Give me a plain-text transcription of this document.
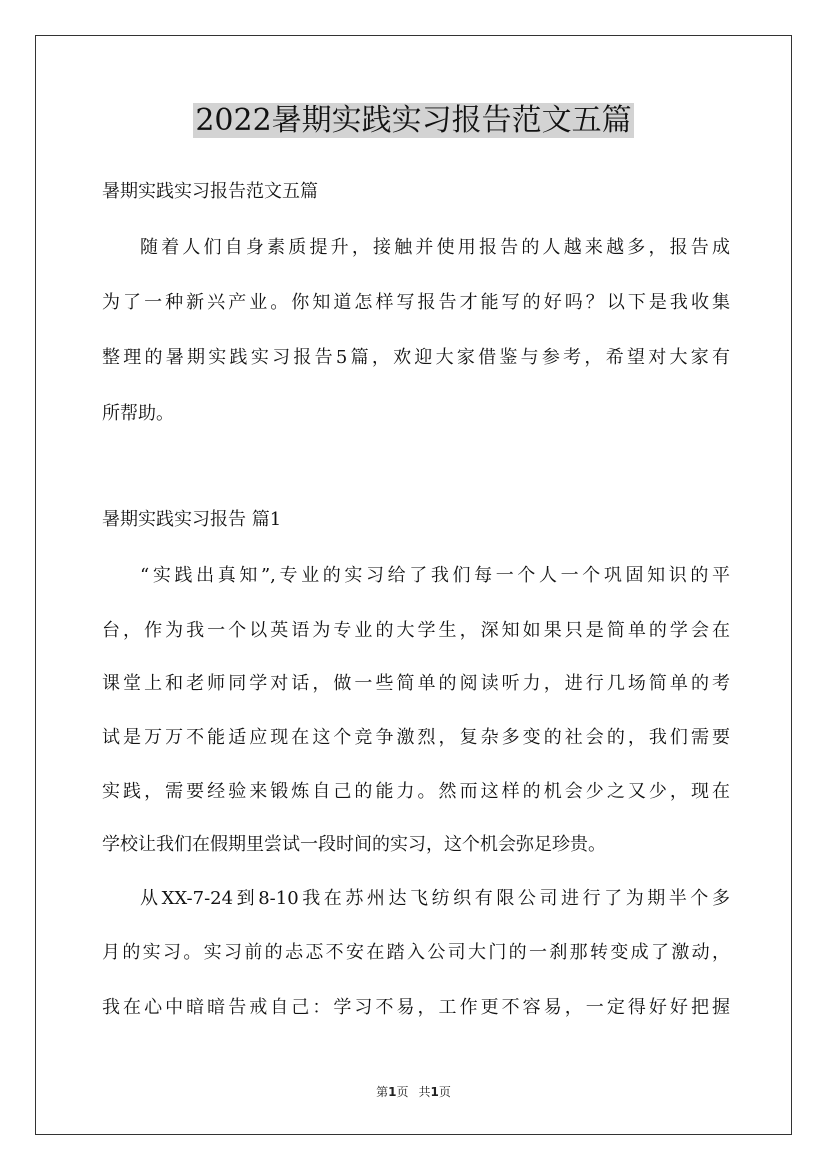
2022暑期实践实习报告范文五篇
暑期实践实习报告范文五篇
随着人们自身素质提升，接触并使用报告的人越来越多，报告成
为了一种新兴产业。你知道怎样写报告才能写的好吗？以下是我收集
整理的暑期实践实习报告5篇，欢迎大家借鉴与参考，希望对大家有
所帮助。
暑期实践实习报告 篇1
“实践出真知”,专业的实习给了我们每一个人一个巩固知识的平
台，作为我一个以英语为专业的大学生，深知如果只是简单的学会在
课堂上和老师同学对话，做一些简单的阅读听力，进行几场简单的考
试是万万不能适应现在这个竞争激烈，复杂多变的社会的，我们需要
实践，需要经验来锻炼自己的能力。然而这样的机会少之又少，现在
学校让我们在假期里尝试一段时间的实习，这个机会弥足珍贵。
从XX-7-24到8-10我在苏州达飞纺织有限公司进行了为期半个多
月的实习。实习前的忐忑不安在踏入公司大门的一刹那转变成了激动，
我在心中暗暗告戒自己：学习不易，工作更不容易，一定得好好把握
第1页 共1页
